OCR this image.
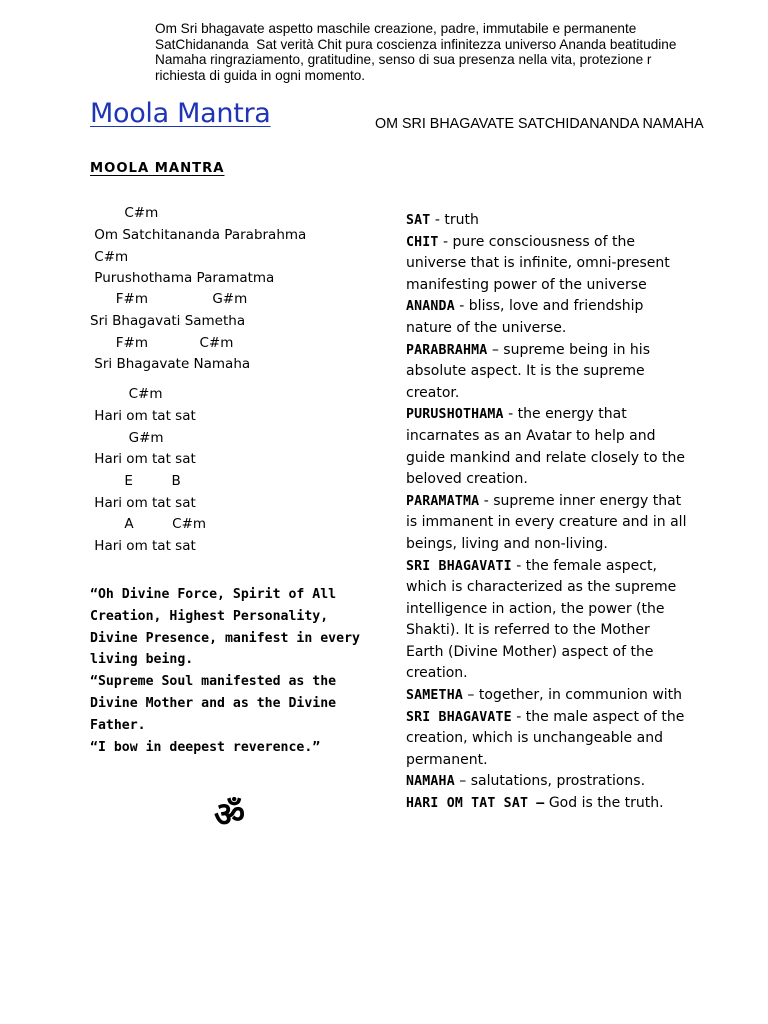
Om Sri bhagavate aspetto maschile creazione, padre, immutabile e permanente
SatChidananda  Sat verità Chit pura coscienza infinitezza universo Ananda beatitudine
Namaha ringraziamento, gratitudine, senso di sua presenza nella vita, protezione r
richiesta di guida in ogni momento.
Moola Mantra	OM SRI BHAGAVATE SATCHIDANANDA NAMAHA
MOOLA MANTRA
C#m
Om Satchitananda Parabrahma
C#m
Purushothama Paramatma
F#m               G#m
Sri Bhagavati Sametha
F#m            C#m
Sri Bhagavate Namaha
C#m
Hari om tat sat
G#m
Hari om tat sat
E         B
Hari om tat sat
A         C#m
Hari om tat sat

“Oh Divine Force, Spirit of All Creation, Highest Personality, Divine Presence, manifest in every living being.

“Supreme Soul manifested as the Divine Mother and as the Divine Father.

“I bow in deepest reverence.”

ॐ

SAT - truth

CHIT - pure consciousness of the universe that is infinite, omni-present manifesting power of the universe

ANANDA - bliss, love and friendship nature of the universe.

PARABRAHMA – supreme being in his absolute aspect. It is the supreme creator.

PURUSHOTHAMA - the energy that incarnates as an Avatar to help and guide mankind and relate closely to the beloved creation.

PARAMATMA - supreme inner energy that is immanent in every creature and in all beings, living and non-living.

SRI BHAGAVATI - the female aspect, which is characterized as the supreme intelligence in action, the power (the Shakti). It is referred to the Mother Earth (Divine Mother) aspect of the creation.

SAMETHA – together, in communion with

SRI BHAGAVATE - the male aspect of the creation, which is unchangeable and permanent.

NAMAHA – salutations, prostrations.

HARI OM TAT SAT – God is the truth.
